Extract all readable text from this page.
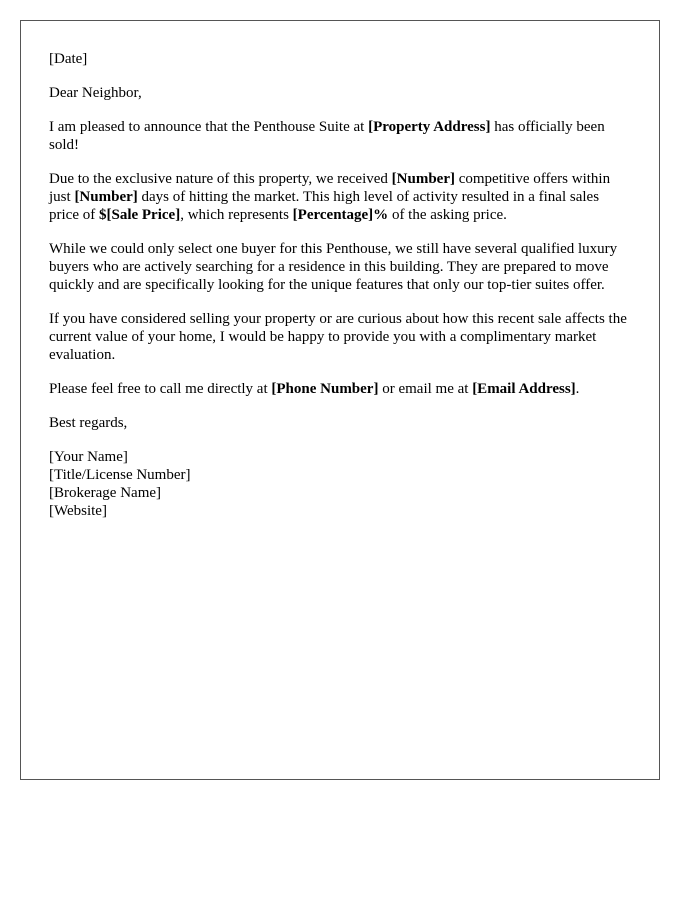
[Date]

Dear Neighbor,

I am pleased to announce that the Penthouse Suite at [Property Address] has officially been sold!

Due to the exclusive nature of this property, we received [Number] competitive offers within just [Number] days of hitting the market. This high level of activity resulted in a final sales price of $[Sale Price], which represents [Percentage]% of the asking price.

While we could only select one buyer for this Penthouse, we still have several qualified luxury buyers who are actively searching for a residence in this building. They are prepared to move quickly and are specifically looking for the unique features that only our top-tier suites offer.

If you have considered selling your property or are curious about how this recent sale affects the current value of your home, I would be happy to provide you with a complimentary market evaluation.

Please feel free to call me directly at [Phone Number] or email me at [Email Address].

Best regards,

[Your Name]
[Title/License Number]
[Brokerage Name]
[Website]
